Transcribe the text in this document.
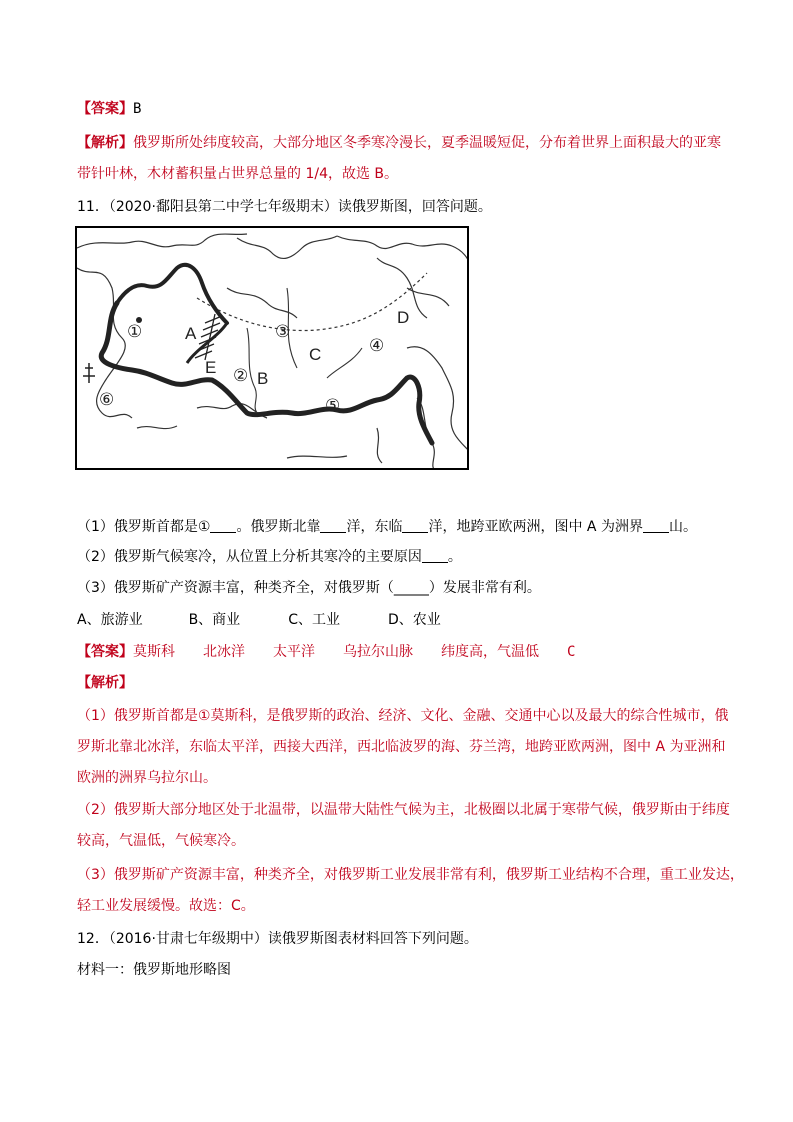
【答案】B
【解析】俄罗斯所处纬度较高，大部分地区冬季寒冷漫长，夏季温暖短促，分布着世界上面积最大的亚寒
带针叶林，木材蓄积量占世界总量的 1/4，故选 B。
11．（2020·鄱阳县第二中学七年级期末）读俄罗斯图，回答问题。
①	A
E ② B
③
C	④
D
⑤
⑥
（1）俄罗斯首都是① 。俄罗斯北靠 洋，东临 洋，地跨亚欧两洲，图中 A 为洲界 山。
（2）俄罗斯气候寒冷，从位置上分析其寒冷的主要原因 。
（3）俄罗斯矿产资源丰富，种类齐全，对俄罗斯（_____）发展非常有利。
A、旅游业	B、商业	C、工业	D、农业
【答案】莫斯科 北冰洋 太平洋 乌拉尔山脉 纬度高，气温低 C
【解析】
（1）俄罗斯首都是①莫斯科，是俄罗斯的政治、经济、文化、金融、交通中心以及最大的综合性城市，俄
罗斯北靠北冰洋，东临太平洋，西接大西洋，西北临波罗的海、芬兰湾，地跨亚欧两洲，图中 A 为亚洲和
欧洲的洲界乌拉尔山。
（2）俄罗斯大部分地区处于北温带，以温带大陆性气候为主，北极圈以北属于寒带气候，俄罗斯由于纬度
较高，气温低，气候寒冷。
（3）俄罗斯矿产资源丰富，种类齐全，对俄罗斯工业发展非常有利，俄罗斯工业结构不合理，重工业发达，
轻工业发展缓慢。故选：C。
12．（2016·甘肃七年级期中）读俄罗斯图表材料回答下列问题。
材料一：俄罗斯地形略图
